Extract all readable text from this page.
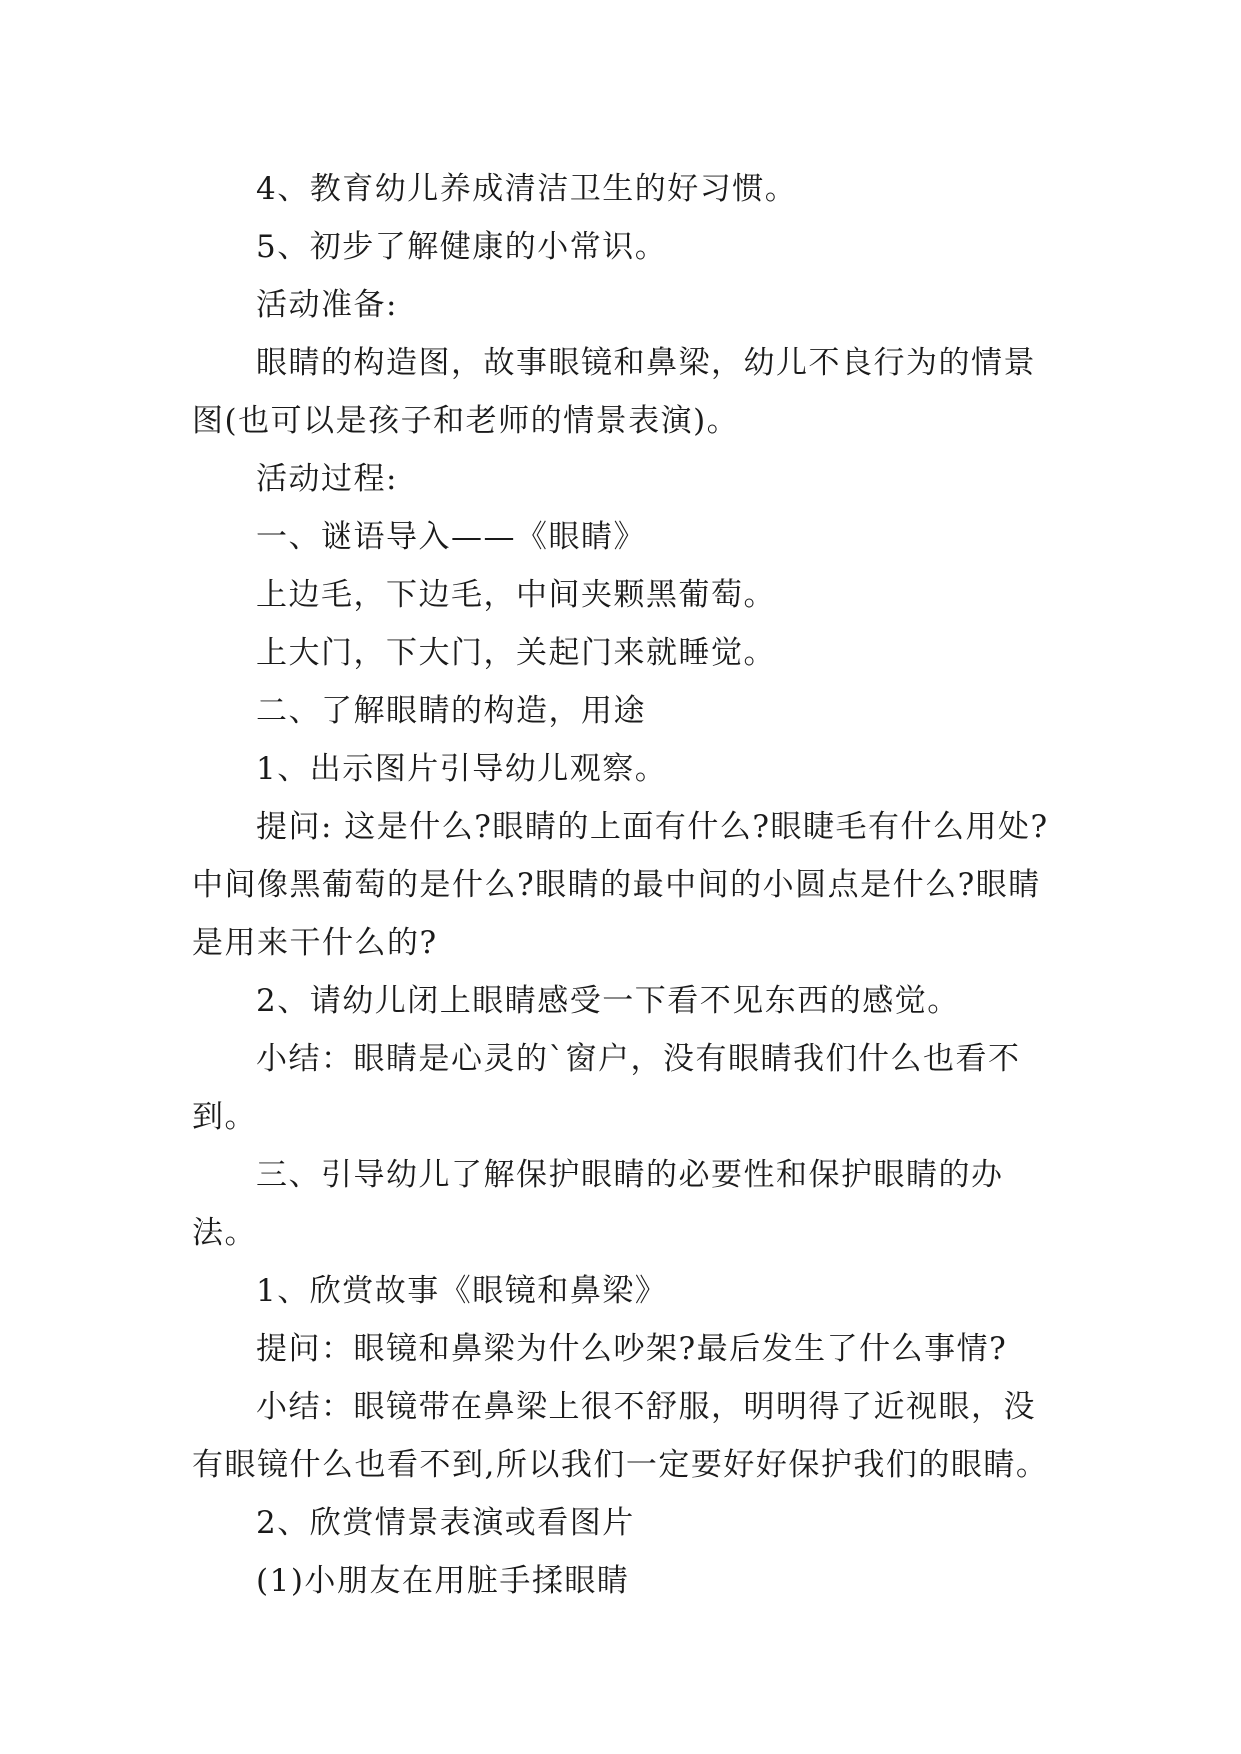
4、教育幼儿养成清洁卫生的好习惯。

5、初步了解健康的小常识。

活动准备:

眼睛的构造图，故事眼镜和鼻梁，幼儿不良行为的情景图(也可以是孩子和老师的情景表演)。

活动过程:

一、谜语导入——《眼睛》

上边毛，下边毛，中间夹颗黑葡萄。

上大门，下大门，关起门来就睡觉。

二、了解眼睛的构造，用途

1、出示图片引导幼儿观察。

提问: 这是什么?眼睛的上面有什么?眼睫毛有什么用处?中间像黑葡萄的是什么?眼睛的最中间的小圆点是什么?眼睛是用来干什么的?

2、请幼儿闭上眼睛感受一下看不见东西的感觉。

小结：眼睛是心灵的`窗户，没有眼睛我们什么也看不到。

三、引导幼儿了解保护眼睛的必要性和保护眼睛的办法。

1、欣赏故事《眼镜和鼻梁》

提问：眼镜和鼻梁为什么吵架?最后发生了什么事情?

小结：眼镜带在鼻梁上很不舒服，明明得了近视眼，没有眼镜什么也看不到,所以我们一定要好好保护我们的眼睛。

2、欣赏情景表演或看图片

(1)小朋友在用脏手揉眼睛
